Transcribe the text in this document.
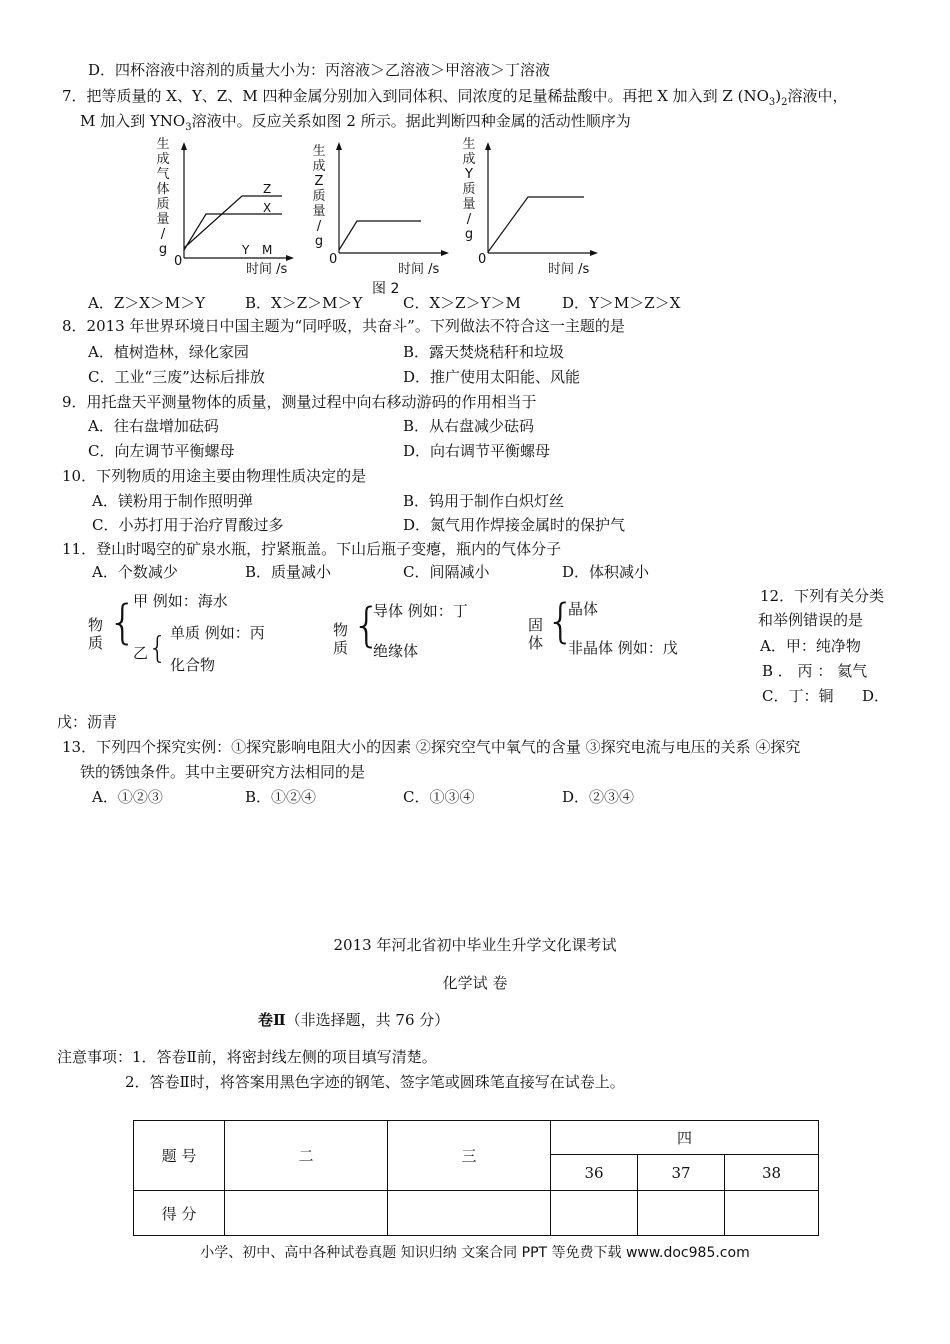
D．四杯溶液中溶剂的质量大小为：丙溶液＞乙溶液＞甲溶液＞丁溶液
7．把等质量的 X、Y、Z、M 四种金属分别加入到同体积、同浓度的足量稀盐酸中。再把 X 加入到 Z $(NO_3)_2$溶液中，
M 加入到 $YNO_3$溶液中。反应关系如图 2 所示。据此判断四种金属的活动性顺序为
生
成
气
体
质
量
/
g
Z
X
Y M
0
时间 /s
生
成
Z
质
量
/
g
0
时间 /s
生
成
Y
质
量
/
g
0
时间 /s
图 2
A．Z＞X＞M＞Y	B．X＞Z＞M＞Y	C．X＞Z＞Y＞M	D．Y＞M＞Z＞X
8．2013 年世界环境日中国主题为“同呼吸，共奋斗”。下列做法不符合这一主题的是
A．植树造林，绿化家园	B．露天焚烧秸秆和垃圾
C．工业“三废”达标后排放	D．推广使用太阳能、风能
9．用托盘天平测量物体的质量，测量过程中向右移动游码的作用相当于
A．往右盘增加砝码	B．从右盘减少砝码
C．向左调节平衡螺母	D．向右调节平衡螺母
10．下列物质的用途主要由物理性质决定的是
A．镁粉用于制作照明弹	B．钨用于制作白炽灯丝
C．小苏打用于治疗胃酸过多	D．氮气用作焊接金属时的保护气
11．登山时喝空的矿泉水瓶，拧紧瓶盖。下山后瓶子变瘪，瓶内的气体分子
A．个数减少	B．质量减小	C．间隔减小	D．体积减小
物
质 {
甲 例如：海水
乙 { 单质 例如：丙
化合物
物
质 {
导体 例如：丁
绝缘体
固
体 {
晶体
非晶体 例如：戊
12．下列有关分类
和举例错误的是
A．甲：纯净物
B ． 丙 ： 氦气
C．丁：铜 D．
戊：沥青
13．下列四个探究实例：①探究影响电阻大小的因素 ②探究空气中氧气的含量 ③探究电流与电压的关系 ④探究
铁的锈蚀条件。其中主要研究方法相同的是
A．①②③	B．①②④	C．①③④	D．②③④
2013 年河北省初中毕业生升学文化课考试
化学试 卷
卷Ⅱ（非选择题，共 76 分）
注意事项：1．答卷Ⅱ前，将密封线左侧的项目填写清楚。
2．答卷Ⅱ时，将答案用黑色字迹的钢笔、签字笔或圆珠笔直接写在试卷上。
题 号	二	三	四		
			36	37	38
得 分					
小学、初中、高中各种试卷真题 知识归纳 文案合同 PPT 等免费下载 www.doc985.com
